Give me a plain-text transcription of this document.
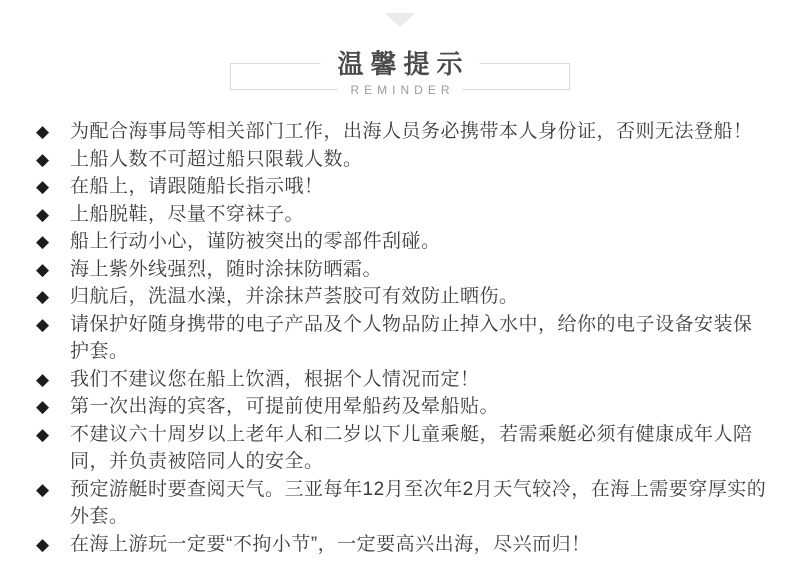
温馨提示
REMINDER
◆	为配合海事局等相关部门工作，出海人员务必携带本人身份证，否则无法登船！
◆	上船人数不可超过船只限载人数。
◆	在船上，请跟随船长指示哦！
◆	上船脱鞋，尽量不穿袜子。
◆	船上行动小心，谨防被突出的零部件刮碰。
◆	海上紫外线强烈，随时涂抹防晒霜。
◆	归航后，洗温水澡，并涂抹芦荟胶可有效防止晒伤。
◆	请保护好随身携带的电子产品及个人物品防止掉入水中，给你的电子设备安装保护套。
◆	我们不建议您在船上饮酒，根据个人情况而定！
◆	第一次出海的宾客，可提前使用晕船药及晕船贴。
◆	不建议六十周岁以上老年人和二岁以下儿童乘艇，若需乘艇必须有健康成年人陪同，并负责被陪同人的安全。
◆	预定游艇时要查阅天气。三亚每年12月至次年2月天气较冷，在海上需要穿厚实的外套。
◆	在海上游玩一定要“不拘小节”，一定要高兴出海，尽兴而归！
